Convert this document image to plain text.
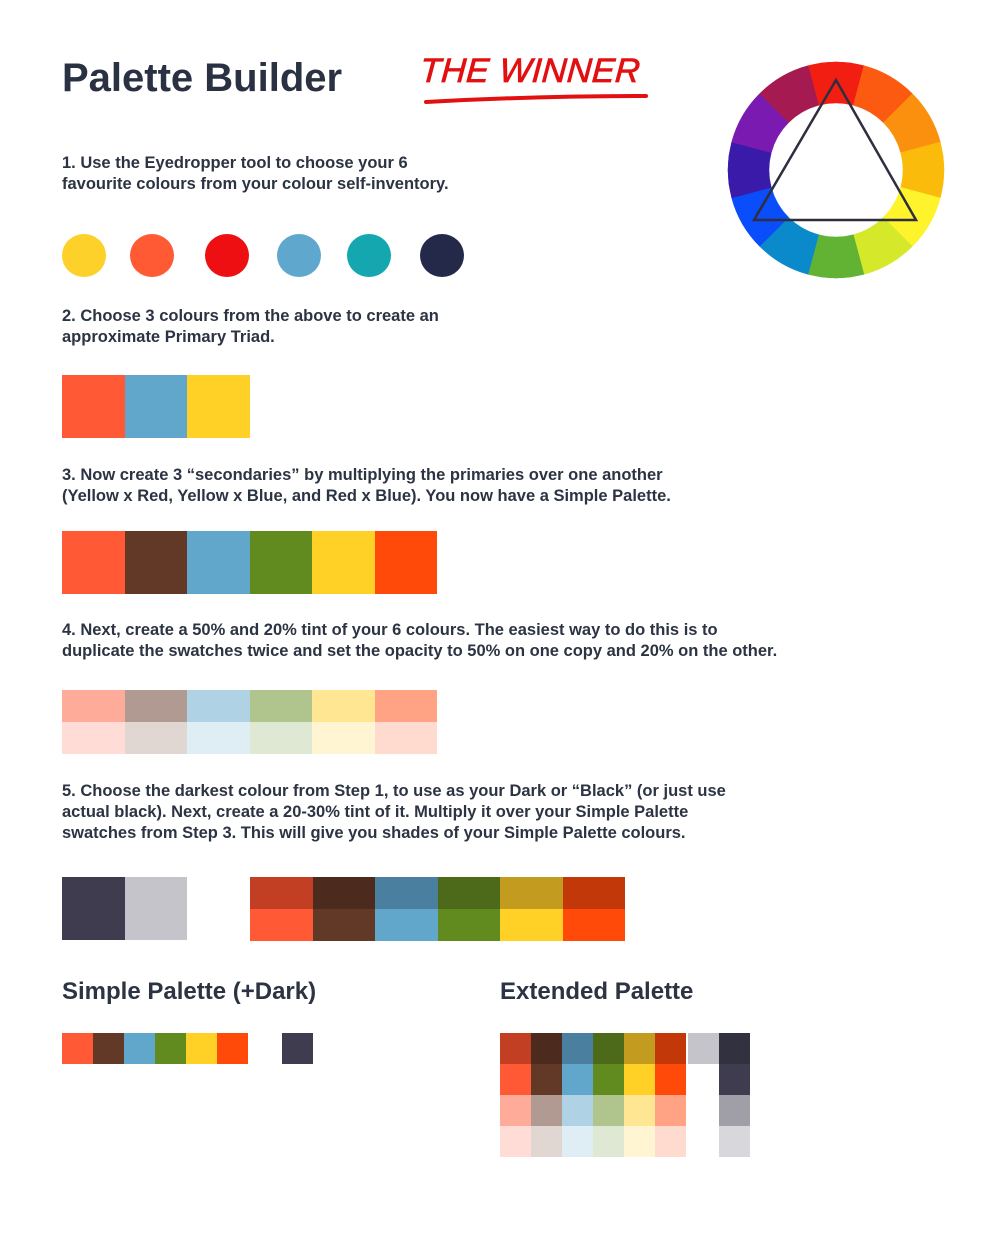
Palette Builder THE WINNER

1. Use the Eyedropper tool to choose your 6
favourite colours from your colour self-inventory.

2. Choose 3 colours from the above to create an
approximate Primary Triad.

3. Now create 3 “secondaries” by multiplying the primaries over one another
(Yellow x Red, Yellow x Blue, and Red x Blue). You now have a Simple Palette.

4. Next, create a 50% and 20% tint of your 6 colours. The easiest way to do this is to
duplicate the swatches twice and set the opacity to 50% on one copy and 20% on the other.

5. Choose the darkest colour from Step 1, to use as your Dark or “Black” (or just use
actual black). Next, create a 20-30% tint of it. Multiply it over your Simple Palette
swatches from Step 3. This will give you shades of your Simple Palette colours.

Simple Palette (+Dark)	Extended Palette
